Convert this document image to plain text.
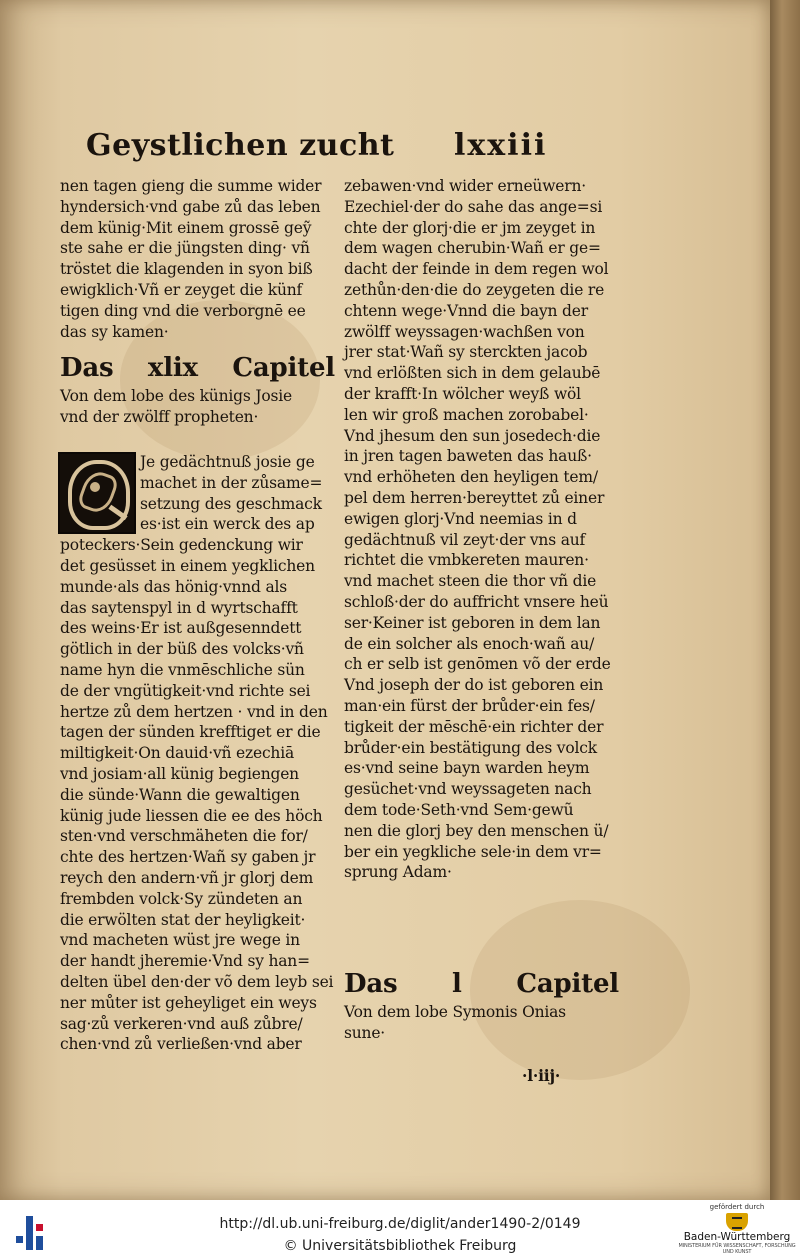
Geystlichen zucht lxxiii
nen tagen gieng die summe wider
hyndersich·vnd gabe zů das leben
dem künig·Mit einem grossē geỹ
ste sahe er die jüngsten ding· vñ
tröstet die klagenden in syon biß
ewigklich·Vñ er zeyget die künf
tigen ding vnd die verborgnē ee
das sy kamen·
Das xlix Capitel
Von dem lobe des künigs Josie
vnd der zwölff propheten·
Je gedächtnuß josie ge
machet in der zůsame=
setzung des geschmack
es·ist ein werck des ap
poteckers·Sein gedenckung wir
det gesüsset in einem yegklichen
munde·als das hönig·vnnd als
das saytenspyl in d wyrtschafft
des weins·Er ist außgesenndett
götlich in der büß des volcks·vñ
name hyn die vnmēschliche sün
de der vngütigkeit·vnd richte sei
hertze zů dem hertzen · vnd in den
tagen der sünden krefftiget er die
miltigkeit·On dauid·vñ ezechiā
vnd josiam·all künig begiengen
die sünde·Wann die gewaltigen
künig jude liessen die ee des höch
sten·vnd verschmäheten die for/
chte des hertzen·Wañ sy gaben jr
reych den andern·vñ jr glorj dem
frembden volck·Sy zündeten an
die erwölten stat der heyligkeit·
vnd macheten wüst jre wege in
der handt jheremie·Vnd sy han=
delten übel den·der võ dem leyb sei
ner můter ist geheyliget ein weys
sag·zů verkeren·vnd auß zůbre/
chen·vnd zů verließen·vnd aber
zebawen·vnd wider erneüwern·
Ezechiel·der do sahe das ange=si
chte der glorj·die er jm zeyget in
dem wagen cherubin·Wañ er ge=
dacht der feinde in dem regen wol
zethůn·den·die do zeygeten die re
chtenn wege·Vnnd die bayn der
zwölff weyssagen·wachßen von
jrer stat·Wañ sy sterckten jacob
vnd erlößten sich in dem gelaubē
der krafft·In wölcher weyß wöl
len wir groß machen zorobabel·
Vnd jhesum den sun josedech·die
in jren tagen baweten das hauß·
vnd erhöheten den heyligen tem/
pel dem herren·bereyttet zů einer
ewigen glorj·Vnd neemias in d
gedächtnuß vil zeyt·der vns auf
richtet die vmbkereten mauren·
vnd machet steen die thor vñ die
schloß·der do auffricht vnsere heü
ser·Keiner ist geboren in dem lan
de ein solcher als enoch·wañ au/
ch er selb ist genōmen võ der erde
Vnd joseph der do ist geboren ein
man·ein fürst der brůder·ein fes/
tigkeit der mēschē·ein richter der
brůder·ein bestätigung des volck
es·vnd seine bayn warden heym
gesüchet·vnd weyssageten nach
dem tode·Seth·vnd Sem·gewũ
nen die glorj bey den menschen ü/
ber ein yegkliche sele·in dem vr=
sprung Adam·
Das l Capitel
Von dem lobe Symonis Onias
sune·
·l·iij·
http://dl.ub.uni-freiburg.de/diglit/ander1490-2/0149
© Universitätsbibliothek Freiburg
gefördert durch
Baden-Württemberg
MINISTERIUM FÜR WISSENSCHAFT, FORSCHUNG UND KUNST
